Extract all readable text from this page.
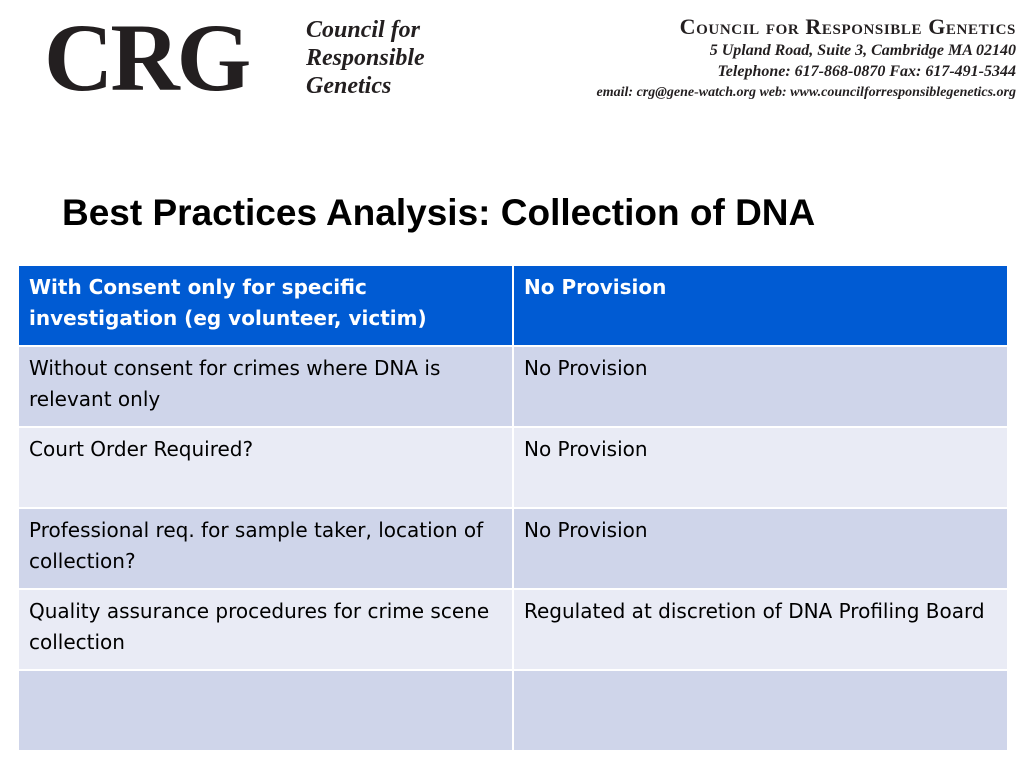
CRG Council for
Responsible
Genetics
Council for Responsible Genetics
5 Upland Road, Suite 3, Cambridge MA 02140
Telephone: 617-868-0870 Fax: 617-491-5344
email: crg@gene-watch.org web: www.councilforresponsiblegenetics.org
Best Practices Analysis: Collection of DNA
With Consent only for specific investigation (eg volunteer, victim)	No Provision
Without consent for crimes where DNA is relevant only	No Provision
Court Order Required?	No Provision
Professional req. for sample taker, location of collection?	No Provision
Quality assurance procedures for crime scene collection	Regulated at discretion of DNA Profiling Board
